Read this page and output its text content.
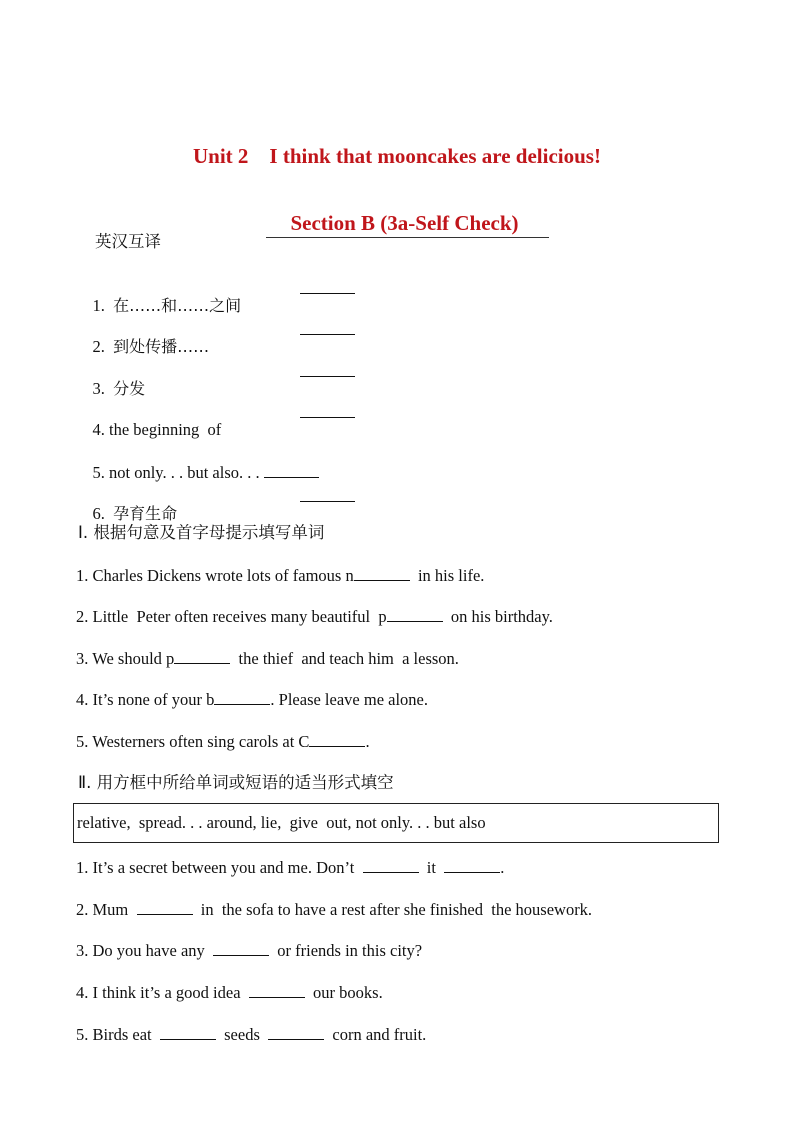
Unit 2    I think that mooncakes are delicious!

Section B (3a-Self Check)

英汉互译

1. 在……和……之间

2. 到处传播……

3. 分发

4. the beginning  of

5. not only. . . but also. . .

6. 孕育生命

Ⅰ. 根据句意及首字母提示填写单词
1. Charles Dickens wrote lots of famous n	in his life.
2. Little  Peter often receives many beautiful  p	on his birthday.
3. We should p	the thief  and teach him  a lesson.
4. It’s none of your b	. Please leave me alone.
5. Westerners often sing carols at C	.
Ⅱ. 用方框中所给单词或短语的适当形式填空
relative,  spread. . . around, lie,  give  out, not only. . . but also
1. It’s a secret between you and me. Don’t	it	.
2. Mum	in  the sofa to have a rest after she finished  the housework.
3. Do you have any	or friends in this city?
4. I think it’s a good idea	our books.
5. Birds eat	seeds	corn and fruit.
